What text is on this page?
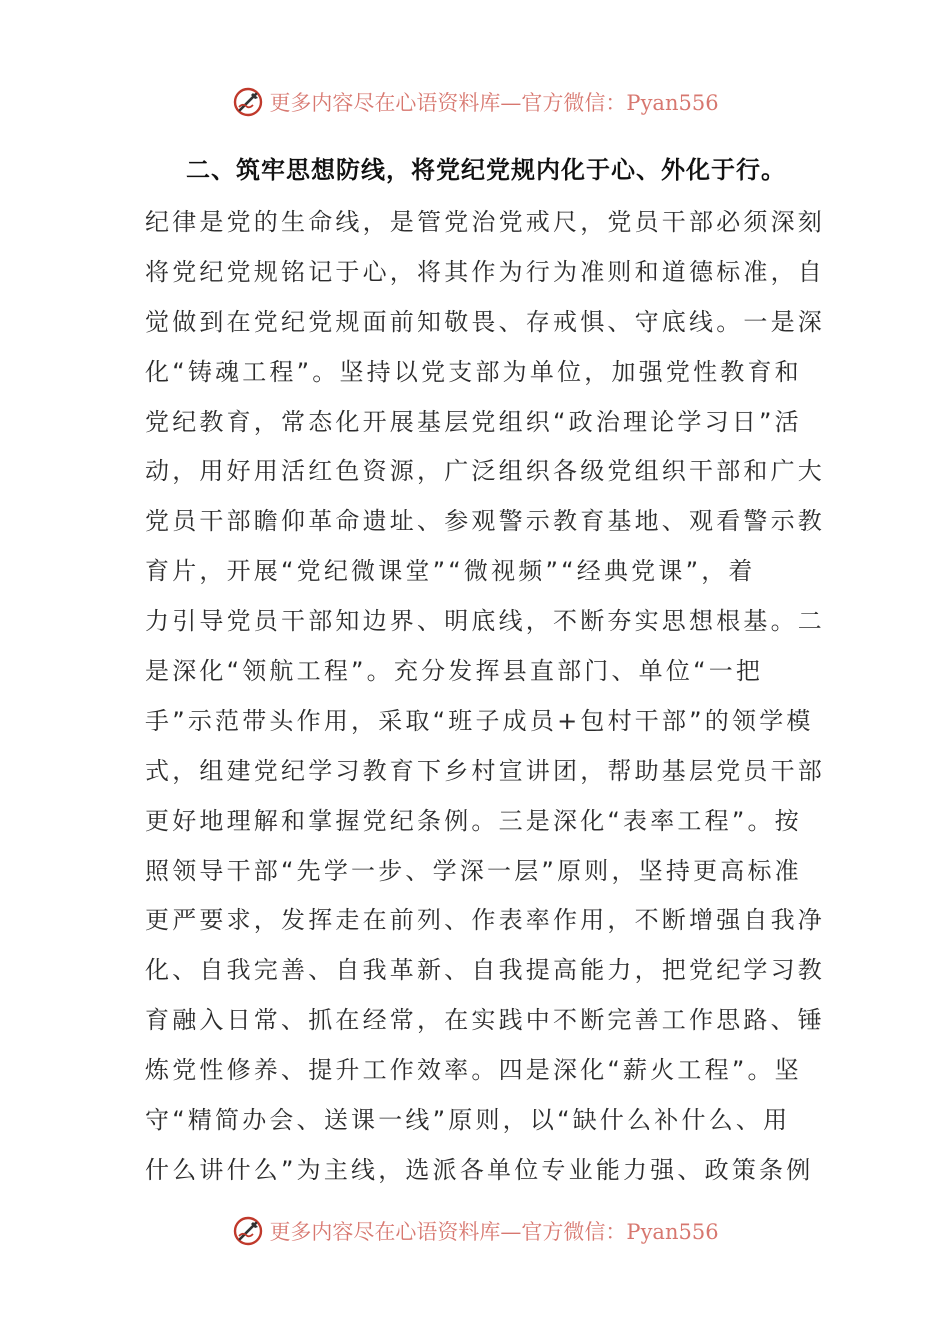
更多内容尽在心语资料库—官方微信：Pyan556
二、筑牢思想防线，将党纪党规内化于心、外化于行。
纪律是党的生命线，是管党治党戒尺，党员干部必须深刻
将党纪党规铭记于心，将其作为行为准则和道德标准，自
觉做到在党纪党规面前知敬畏、存戒惧、守底线。一是深
化“铸魂工程”。坚持以党支部为单位，加强党性教育和
党纪教育，常态化开展基层党组织“政治理论学习日”活
动，用好用活红色资源，广泛组织各级党组织干部和广大
党员干部瞻仰革命遗址、参观警示教育基地、观看警示教
育片，开展“党纪微课堂”“微视频”“经典党课”，着
力引导党员干部知边界、明底线，不断夯实思想根基。二
是深化“领航工程”。充分发挥县直部门、单位“一把
手”示范带头作用，采取“班子成员+包村干部”的领学模
式，组建党纪学习教育下乡村宣讲团，帮助基层党员干部
更好地理解和掌握党纪条例。三是深化“表率工程”。按
照领导干部“先学一步、学深一层”原则，坚持更高标准
更严要求，发挥走在前列、作表率作用，不断增强自我净
化、自我完善、自我革新、自我提高能力，把党纪学习教
育融入日常、抓在经常，在实践中不断完善工作思路、锤
炼党性修养、提升工作效率。四是深化“薪火工程”。坚
守“精简办会、送课一线”原则，以“缺什么补什么、用
什么讲什么”为主线，选派各单位专业能力强、政策条例
更多内容尽在心语资料库—官方微信：Pyan556
